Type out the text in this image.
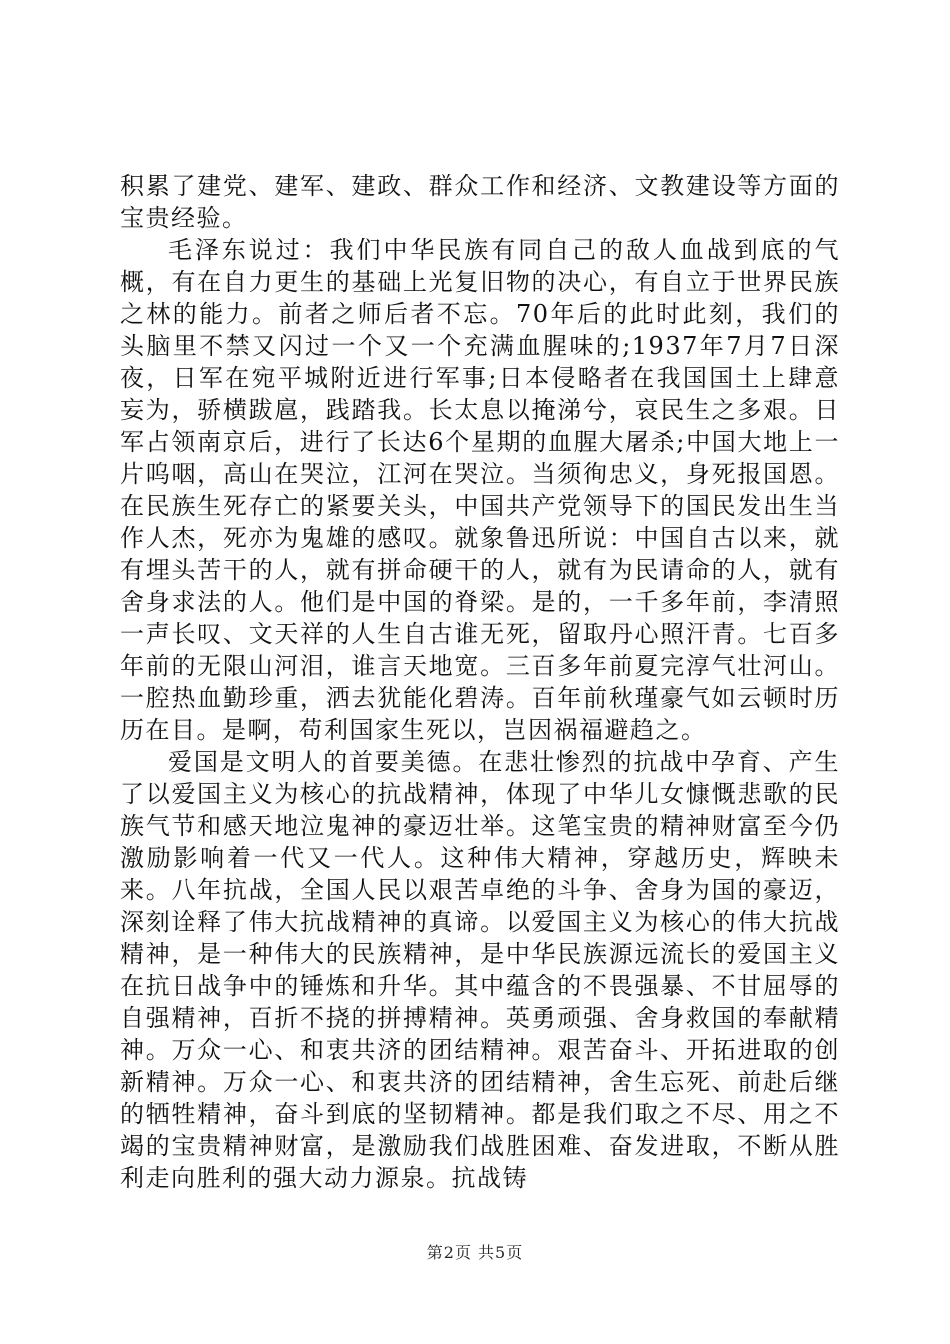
积累了建党、建军、建政、群众工作和经济、文教建设等方面的宝贵经验。

毛泽东说过：我们中华民族有同自己的敌人血战到底的气概，有在自力更生的基础上光复旧物的决心，有自立于世界民族之林的能力。前者之师后者不忘。70年后的此时此刻，我们的头脑里不禁又闪过一个又一个充满血腥味的;1937年7月7日深夜，日军在宛平城附近进行军事;日本侵略者在我国国土上肆意妄为，骄横跋扈，践踏我。长太息以掩涕兮，哀民生之多艰。日军占领南京后，进行了长达6个星期的血腥大屠杀;中国大地上一片呜咽，高山在哭泣，江河在哭泣。当须徇忠义，身死报国恩。在民族生死存亡的紧要关头，中国共产党领导下的国民发出生当作人杰，死亦为鬼雄的感叹。就象鲁迅所说：中国自古以来，就有埋头苦干的人，就有拼命硬干的人，就有为民请命的人，就有舍身求法的人。他们是中国的脊梁。是的，一千多年前，李清照一声长叹、文天祥的人生自古谁无死，留取丹心照汗青。七百多年前的无限山河泪，谁言天地宽。三百多年前夏完淳气壮河山。一腔热血勤珍重，洒去犹能化碧涛。百年前秋瑾豪气如云顿时历历在目。是啊，苟利国家生死以，岂因祸福避趋之。

爱国是文明人的首要美德。在悲壮惨烈的抗战中孕育、产生了以爱国主义为核心的抗战精神，体现了中华儿女慷慨悲歌的民族气节和感天地泣鬼神的豪迈壮举。这笔宝贵的精神财富至今仍激励影响着一代又一代人。这种伟大精神，穿越历史，辉映未来。八年抗战，全国人民以艰苦卓绝的斗争、舍身为国的豪迈，深刻诠释了伟大抗战精神的真谛。以爱国主义为核心的伟大抗战精神，是一种伟大的民族精神，是中华民族源远流长的爱国主义在抗日战争中的锤炼和升华。其中蕴含的不畏强暴、不甘屈辱的自强精神，百折不挠的拼搏精神。英勇顽强、舍身救国的奉献精神。万众一心、和衷共济的团结精神。艰苦奋斗、开拓进取的创新精神。万众一心、和衷共济的团结精神，舍生忘死、前赴后继的牺牲精神，奋斗到底的坚韧精神。都是我们取之不尽、用之不竭的宝贵精神财富，是激励我们战胜困难、奋发进取，不断从胜利走向胜利的强大动力源泉。抗战铸

第2页 共5页
